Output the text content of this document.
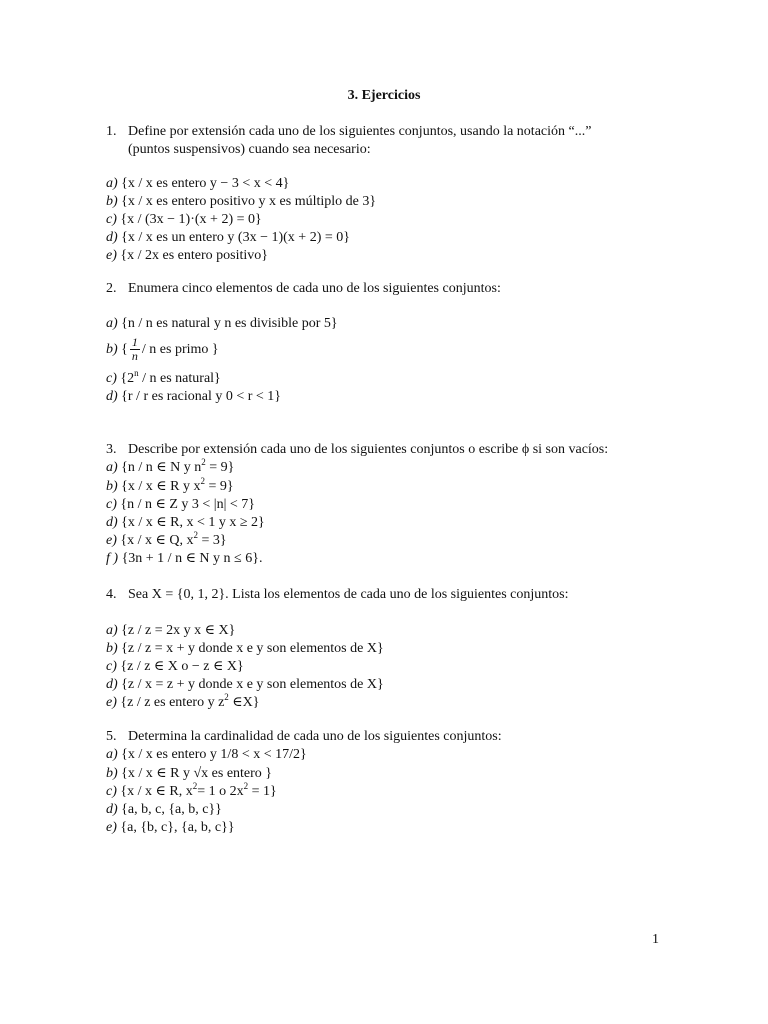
3. Ejercicios
1. Define por extensión cada uno de los siguientes conjuntos, usando la notación “...”
(puntos suspensivos) cuando sea necesario:
a) {x / x es entero y − 3 < x < 4}
b) {x / x es entero positivo y x es múltiplo de 3}
c) {x / (3x − 1)·(x + 2) = 0}
d) {x / x es un entero y (3x − 1)(x + 2) = 0}
e) {x / 2x es entero positivo}
2. Enumera cinco elementos de cada uno de los siguientes conjuntos:
a) {n / n es natural y n es divisible por 5}
b) { $\frac{1}{n}$ / n es primo }
c) {2$^n$ / n es natural}
d) {r / r es racional y 0 < r < 1}
3. Describe por extensión cada uno de los siguientes conjuntos o escribe ϕ si son vacíos:
a) {n / n ∈ N y $n^2 = 9$}
b) {x / x ∈ R y $x^2 = 9$}
c) {n / n ∈ Z y 3 < |n| < 7}
d) {x / x ∈ R, x < 1 y x ≥ 2}
e) {x / x ∈ Q, $x^2 = 3$}
f ) {3n + 1 / n ∈ N y n ≤ 6}.
4. Sea X = {0, 1, 2}. Lista los elementos de cada uno de los siguientes conjuntos:
a) {z / z = 2x y x ∈ X}
b) {z / z = x + y donde x e y son elementos de X}
c) {z / z ∈ X o − z ∈ X}
d) {z / x = z + y donde x e y son elementos de X}
e) {z / z es entero y $z^2$ ∈X}
5. Determina la cardinalidad de cada uno de los siguientes conjuntos:
a) {x / x es entero y 1/8 < x < 17/2}
b) {x / x ∈ R y √x es entero }
c) {x / x ∈ R, $x^2= 1$ o $2x^2 = 1$}
d) {a, b, c, {a, b, c}}
e) {a, {b, c}, {a, b, c}}
1
